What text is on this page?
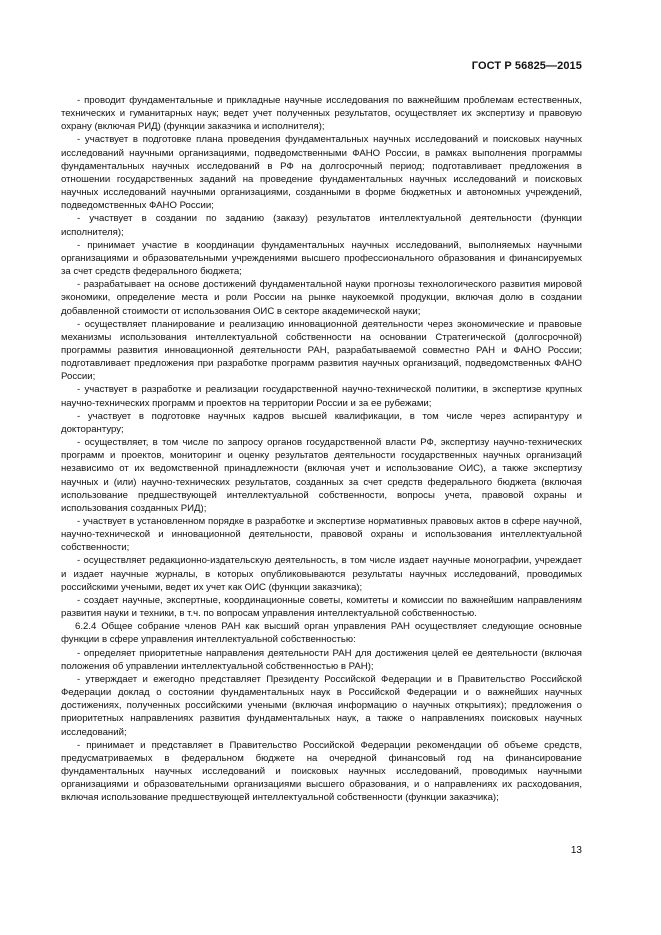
ГОСТ Р 56825—2015

- проводит фундаментальные и прикладные научные исследования по важнейшим проблемам естественных, технических и гуманитарных наук; ведет учет полученных результатов, осуществляет их экспертизу и правовую охрану (включая РИД) (функции заказчика и исполнителя);

- участвует в подготовке плана проведения фундаментальных научных исследований и поисковых научных исследований научными организациями, подведомственными ФАНО России, в рамках выполнения программы фундаментальных научных исследований в РФ на долгосрочный период; подготавливает предложения в отношении государственных заданий на проведение фундаментальных научных исследований и поисковых научных исследований научными организациями, созданными в форме бюджетных и автономных учреждений, подведомственных ФАНО России;

- участвует в создании по заданию (заказу) результатов интеллектуальной деятельности (функции исполнителя);

- принимает участие в координации фундаментальных научных исследований, выполняемых научными организациями и образовательными учреждениями высшего профессионального образования и финансируемых за счет средств федерального бюджета;

- разрабатывает на основе достижений фундаментальной науки прогнозы технологического развития мировой экономики, определение места и роли России на рынке наукоемкой продукции, включая долю в создании добавленной стоимости от использования ОИС в секторе академической науки;

- осуществляет планирование и реализацию инновационной деятельности через экономические и правовые механизмы использования интеллектуальной собственности на основании Стратегической (долгосрочной) программы развития инновационной деятельности РАН, разрабатываемой совместно РАН и ФАНО России; подготавливает предложения при разработке программ развития научных организаций, подведомственных ФАНО России;

- участвует в разработке и реализации государственной научно-технической политики, в экспертизе крупных научно-технических программ и проектов на территории России и за ее рубежами;

- участвует в подготовке научных кадров высшей квалификации, в том числе через аспирантуру и докторантуру;

- осуществляет, в том числе по запросу органов государственной власти РФ, экспертизу научно-технических программ и проектов, мониторинг и оценку результатов деятельности государственных научных организаций независимо от их ведомственной принадлежности (включая учет и использование ОИС), а также экспертизу научных и (или) научно-технических результатов, созданных за счет средств федерального бюджета (включая использование предшествующей интеллектуальной собственности, вопросы учета, правовой охраны и использования созданных РИД);

- участвует в установленном порядке в разработке и экспертизе нормативных правовых актов в сфере научной, научно-технической и инновационной деятельности, правовой охраны и использования интеллектуальной собственности;

- осуществляет редакционно-издательскую деятельность, в том числе издает научные монографии, учреждает и издает научные журналы, в которых опубликовываются результаты научных исследований, проводимых российскими учеными, ведет их учет как ОИС (функции заказчика);

- создает научные, экспертные, координационные советы, комитеты и комиссии по важнейшим направлениям развития науки и техники, в т.ч. по вопросам управления интеллектуальной собственностью.

6.2.4 Общее собрание членов РАН как высший орган управления РАН осуществляет следующие основные функции в сфере управления интеллектуальной собственностью:

- определяет приоритетные направления деятельности РАН для достижения целей ее деятельности (включая положения об управлении интеллектуальной собственностью в РАН);

- утверждает и ежегодно представляет Президенту Российской Федерации и в Правительство Российской Федерации доклад о состоянии фундаментальных наук в Российской Федерации и о важнейших научных достижениях, полученных российскими учеными (включая информацию о научных открытиях); предложения о приоритетных направлениях развития фундаментальных наук, а также о направлениях поисковых научных исследований;

- принимает и представляет в Правительство Российской Федерации рекомендации об объеме средств, предусматриваемых в федеральном бюджете на очередной финансовый год на финансирование фундаментальных научных исследований и поисковых научных исследований, проводимых научными организациями и образовательными организациями высшего образования, и о направлениях их расходования, включая использование предшествующей интеллектуальной собственности (функции заказчика);

13
